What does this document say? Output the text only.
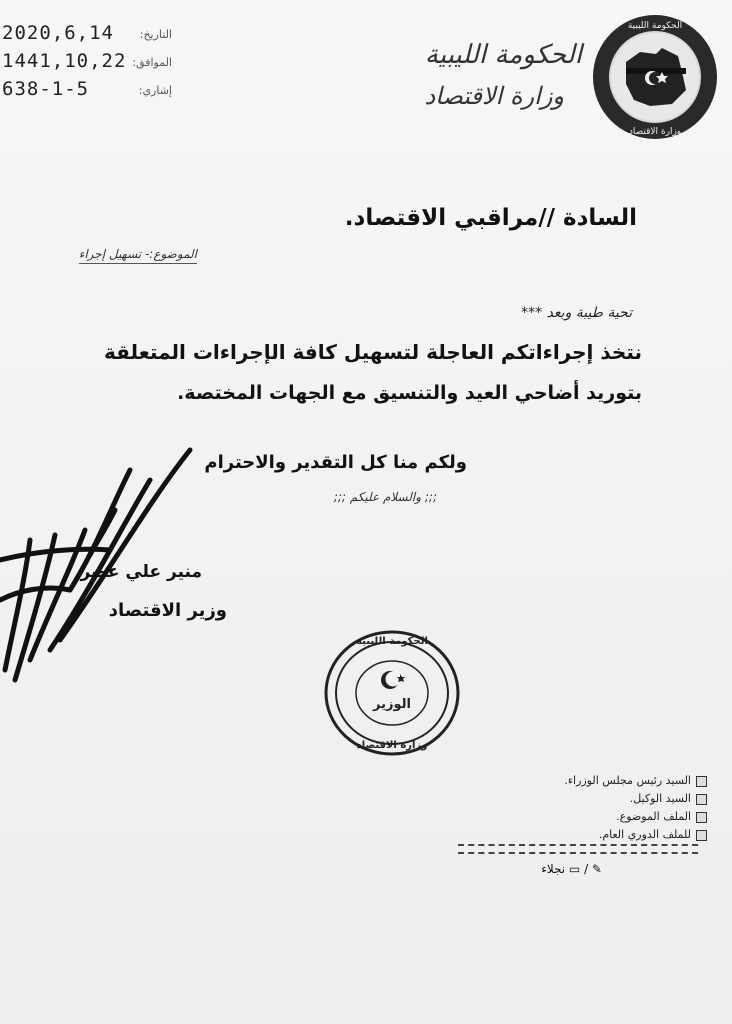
2020,6,14 التاريخ:
1441,10,22 الموافق:
638-1-5	إشاري:
الحكومة الليبية
وزارة الاقتصاد
الحكومة الليبية
وزارة الاقتصاد
السادة //مراقبي الاقتصاد.
الموضوع:- تسهيل إجراء
تحية طيبة وبعد ***
نتخذ إجراءاتكم العاجلة لتسهيل كافة الإجراءات المتعلقة
بتوريد أضاحي العيد والتنسيق مع الجهات المختصة.
ولكم منا كل التقدير والاحترام
;;; والسلام عليكم ;;;
منير علي عصر
وزير الاقتصاد
الحكومة الليبية
الوزير
وزارة الاقتصاد
السيد رئيس مجلس الوزراء.
السيد الوكيل.
الملف الموضوع.
للملف الدوري العام.
✎ / ▭ نجلاء
